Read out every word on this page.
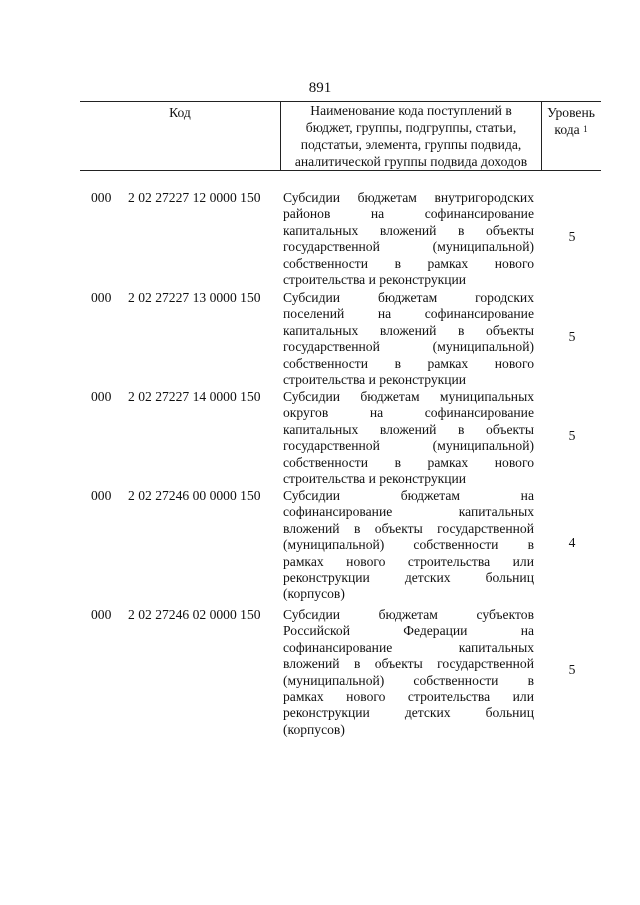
891
Код	Наименование кода поступлений в
бюджет, группы, подгруппы, статьи,
подстатьи, элемента, группы подвида,
аналитической группы подвида доходов
Уровень
кода $^1$
000 2 02 27227 12 0000 150 Субсидии бюджетам внутригородских
районов на софинансирование
капитальных вложений в объекты
государственной (муниципальной)
собственности в рамках нового
строительства и реконструкции
5
000 2 02 27227 13 0000 150 Субсидии бюджетам городских
поселений на софинансирование
капитальных вложений в объекты
государственной (муниципальной)
собственности в рамках нового
строительства и реконструкции
5
000 2 02 27227 14 0000 150 Субсидии бюджетам муниципальных
округов на софинансирование
капитальных вложений в объекты
государственной (муниципальной)
собственности в рамках нового
строительства и реконструкции
5
000 2 02 27246 00 0000 150 Субсидии бюджетам на
софинансирование капитальных
вложений в объекты государственной
(муниципальной) собственности в
рамках нового строительства или
реконструкции детских больниц
(корпусов)
4
000 2 02 27246 02 0000 150 Субсидии бюджетам субъектов
Российской Федерации на
софинансирование капитальных
вложений в объекты государственной
(муниципальной) собственности в
рамках нового строительства или
реконструкции детских больниц
(корпусов)
5
